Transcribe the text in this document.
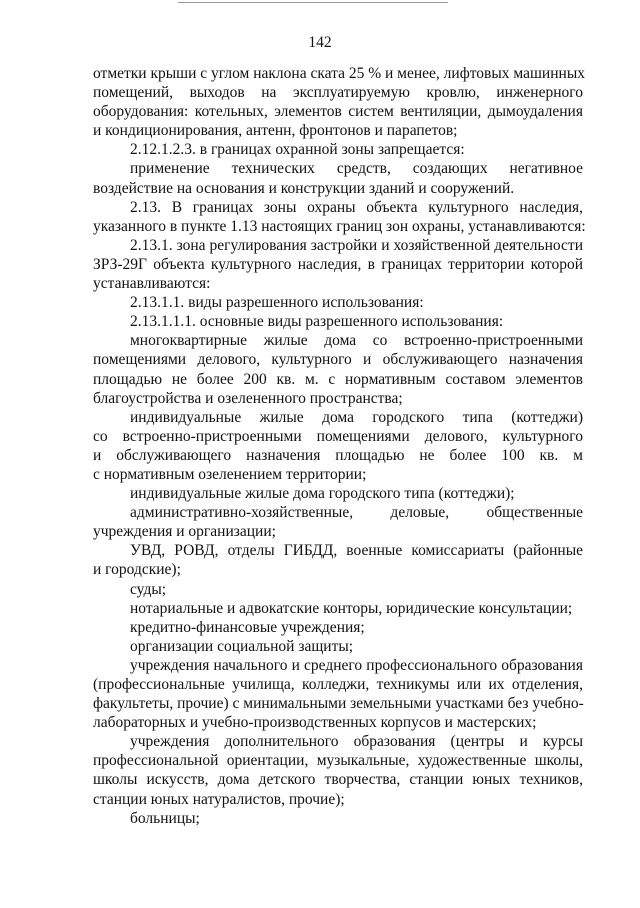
142
отметки крыши с углом наклона ската 25 % и менее, лифтовых машинных
помещений, выходов на эксплуатируемую кровлю, инженерного
оборудования: котельных, элементов систем вентиляции, дымоудаления
и кондиционирования, антенн, фронтонов и парапетов;
2.12.1.2.3. в границах охранной зоны запрещается:
применение технических средств, создающих негативное
воздействие на основания и конструкции зданий и сооружений.
2.13. В границах зоны охраны объекта культурного наследия,
указанного в пункте 1.13 настоящих границ зон охраны, устанавливаются:
2.13.1. зона регулирования застройки и хозяйственной деятельности
ЗРЗ-29Г объекта культурного наследия, в границах территории которой
устанавливаются:
2.13.1.1. виды разрешенного использования:
2.13.1.1.1. основные виды разрешенного использования:
многоквартирные жилые дома со встроенно-пристроенными
помещениями делового, культурного и обслуживающего назначения
площадью не более 200 кв. м. с нормативным составом элементов
благоустройства и озелененного пространства;
индивидуальные жилые дома городского типа (коттеджи)
со встроенно-пристроенными помещениями делового, культурного
и обслуживающего назначения площадью не более 100 кв. м
с нормативным озеленением территории;
индивидуальные жилые дома городского типа (коттеджи);
административно-хозяйственные, деловые, общественные
учреждения и организации;
УВД, РОВД, отделы ГИБДД, военные комиссариаты (районные
и городские);
суды;
нотариальные и адвокатские конторы, юридические консультации;
кредитно-финансовые учреждения;
организации социальной защиты;
учреждения начального и среднего профессионального образования
(профессиональные училища, колледжи, техникумы или их отделения,
факультеты, прочие) с минимальными земельными участками без учебно-
лабораторных и учебно-производственных корпусов и мастерских;
учреждения дополнительного образования (центры и курсы
профессиональной ориентации, музыкальные, художественные школы,
школы искусств, дома детского творчества, станции юных техников,
станции юных натуралистов, прочие);
больницы;
